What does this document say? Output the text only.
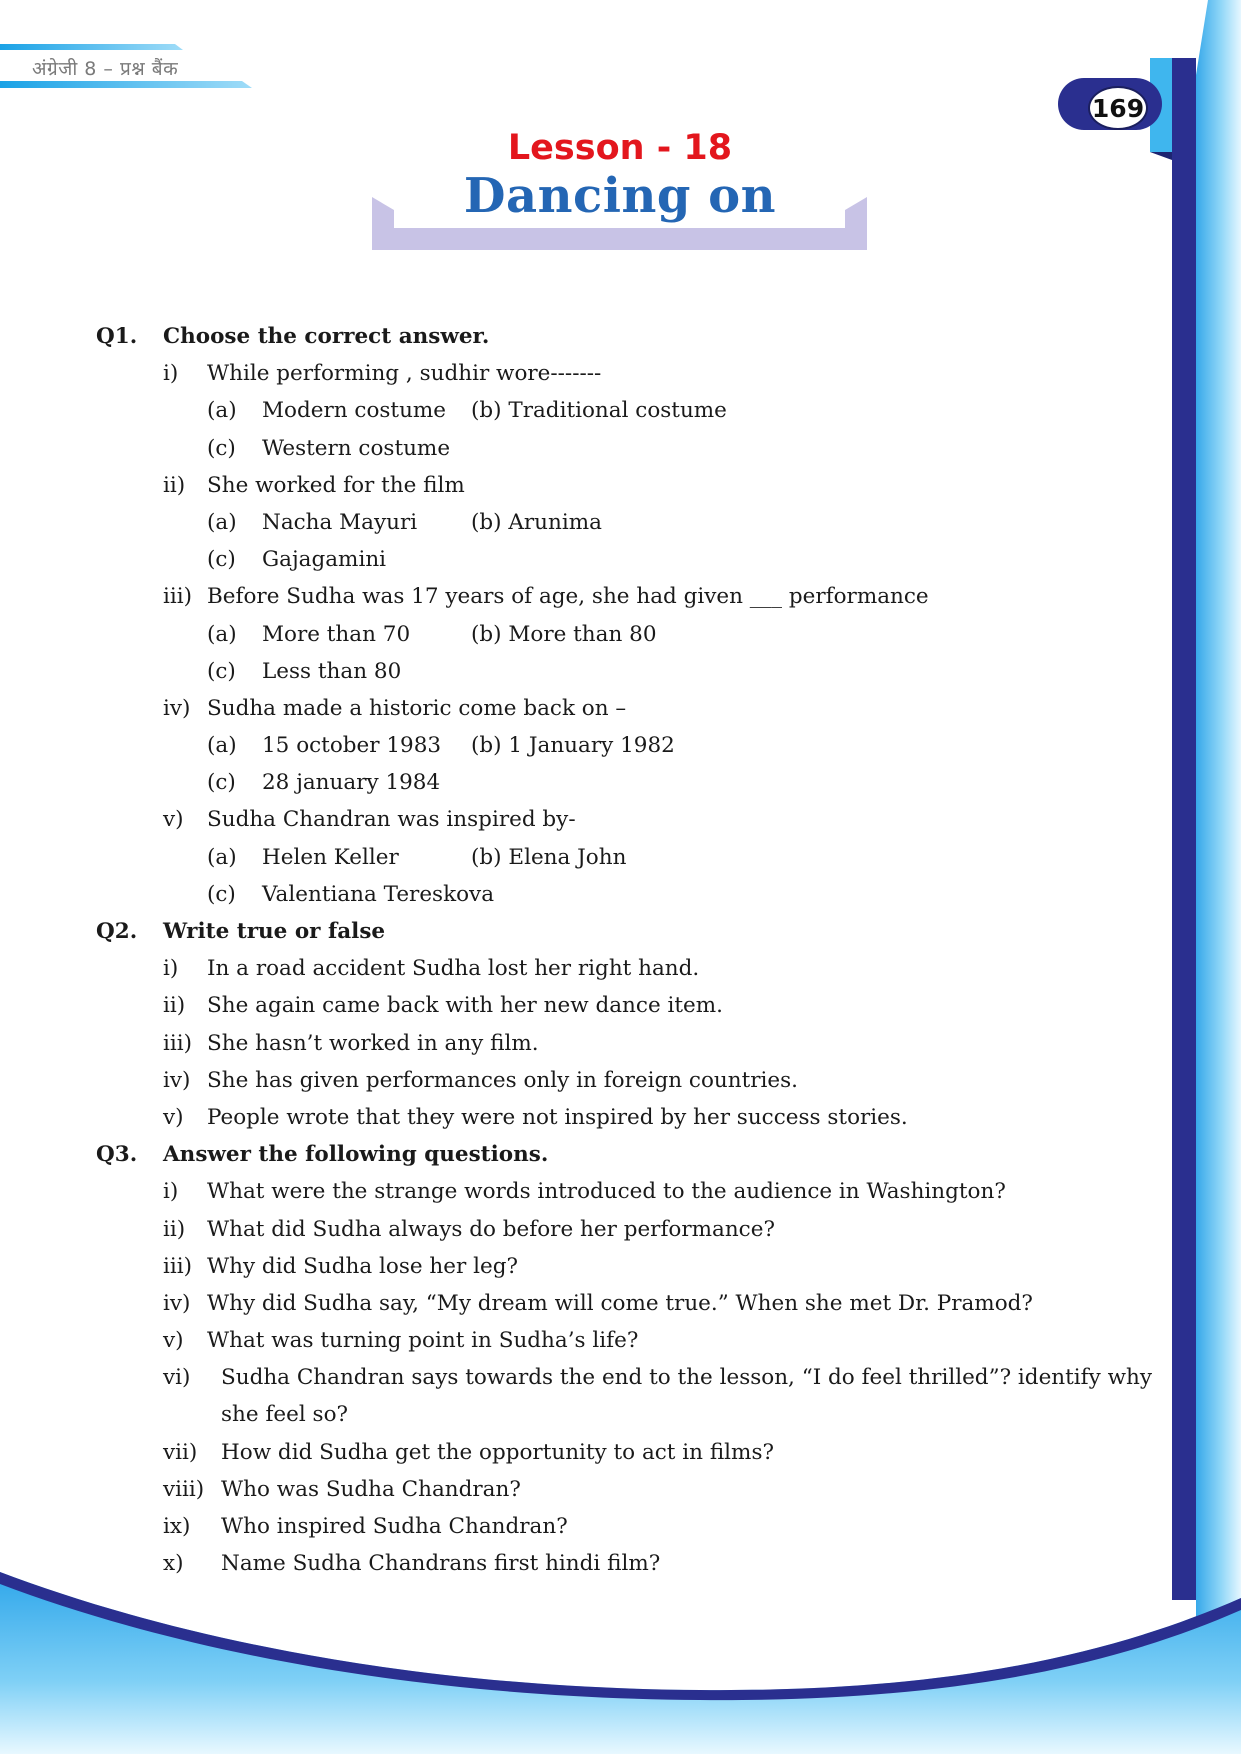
अंग्रेजी 8 – प्रश्न बैंक
169
Lesson - 18
Dancing on
Q1. Choose the correct answer.
i) While performing , sudhir wore-------
(a) Modern costume (b) Traditional costume
(c) Western costume
ii) She worked for the film
(a) Nacha Mayuri	(b) Arunima
(c) Gajagamini
iii) Before Sudha was 17 years of age, she had given ___ performance
(a) More than 70	(b) More than 80
(c) Less than 80
iv) Sudha made a historic come back on –
(a) 15 october 1983 (b) 1 January 1982
(c) 28 january 1984
v) Sudha Chandran was inspired by-
(a) Helen Keller	(b) Elena John
(c) Valentiana Tereskova
Q2. Write true or false
i) In a road accident Sudha lost her right hand.
ii) She again came back with her new dance item.
iii) She hasn’t worked in any film.
iv) She has given performances only in foreign countries.
v) People wrote that they were not inspired by her success stories.
Q3. Answer the following questions.
i) What were the strange words introduced to the audience in Washington?
ii) What did Sudha always do before her performance?
iii) Why did Sudha lose her leg?
iv) Why did Sudha say, “My dream will come true.” When she met Dr. Pramod?
v) What was turning point in Sudha’s life?
vi) Sudha Chandran says towards the end to the lesson, “I do feel thrilled”? identify why
she feel so?
vii) How did Sudha get the opportunity to act in films?
viii) Who was Sudha Chandran?
ix) Who inspired Sudha Chandran?
x) Name Sudha Chandrans first hindi film?
